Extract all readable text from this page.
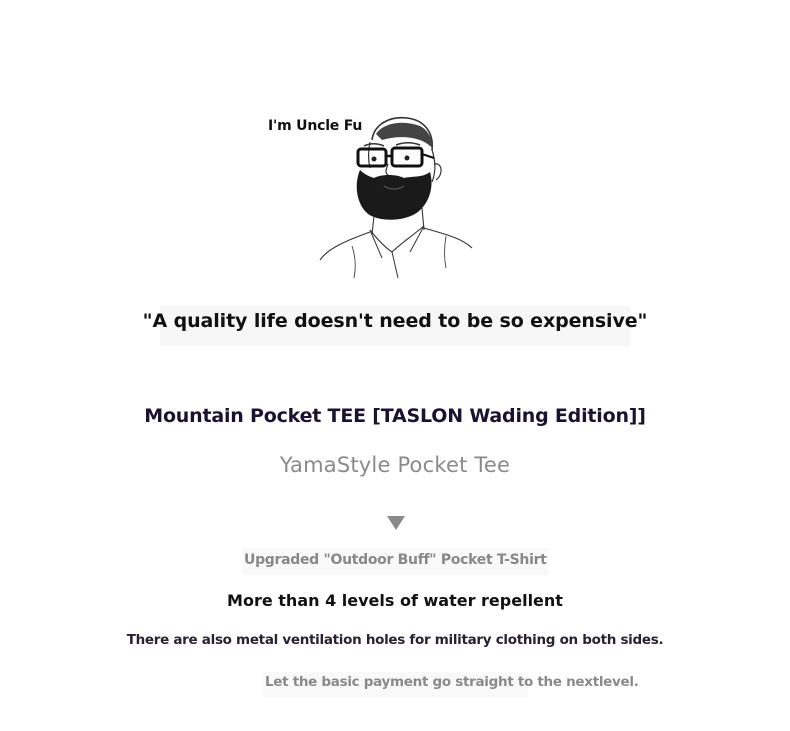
I'm Uncle Fu
"A quality life doesn't need to be so expensive"
Mountain Pocket TEE [TASLON Wading Edition]]
YamaStyle Pocket Tee
Upgraded "Outdoor Buff" Pocket T-Shirt
More than 4 levels of water repellent
There are also metal ventilation holes for military clothing on both sides.
Let the basic payment go straight to the nextlevel.
